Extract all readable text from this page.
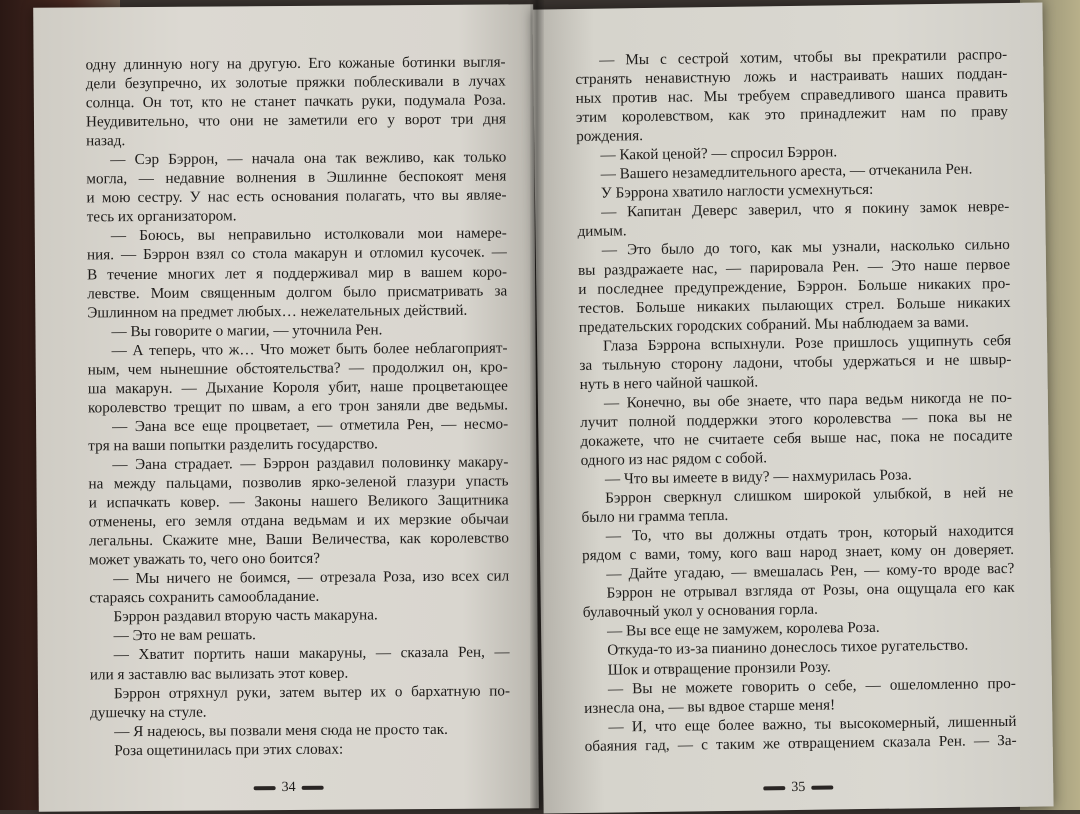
одну длинную ногу на другую. Его кожаные ботинки выгля-
дели безупречно, их золотые пряжки поблескивали в лучах
солнца. Он тот, кто не станет пачкать руки, подумала Роза.
Неудивительно, что они не заметили его у ворот три дня
назад.
— Сэр Бэррон, — начала она так вежливо, как только
могла, — недавние волнения в Эшлинне беспокоят меня
и мою сестру. У нас есть основания полагать, что вы являе-
тесь их организатором.
— Боюсь, вы неправильно истолковали мои намере-
ния. — Бэррон взял со стола макарун и отломил кусочек. —
В течение многих лет я поддерживал мир в вашем коро-
левстве. Моим священным долгом было присматривать за
Эшлинном на предмет любых… нежелательных действий.
— Вы говорите о магии, — уточнила Рен.
— А теперь, что ж… Что может быть более неблагоприят-
ным, чем нынешние обстоятельства? — продолжил он, кро-
ша макарун. — Дыхание Короля убит, наше процветающее
королевство трещит по швам, а его трон заняли две ведьмы.
— Эана все еще процветает, — отметила Рен, — несмо-
тря на ваши попытки разделить государство.
— Эана страдает. — Бэррон раздавил половинку макару-
на между пальцами, позволив ярко-зеленой глазури упасть
и испачкать ковер. — Законы нашего Великого Защитника
отменены, его земля отдана ведьмам и их мерзкие обычаи
легальны. Скажите мне, Ваши Величества, как королевство
может уважать то, чего оно боится?
— Мы ничего не боимся, — отрезала Роза, изо всех сил
стараясь сохранить самообладание.
Бэррон раздавил вторую часть макаруна.
— Это не вам решать.
— Хватит портить наши макаруны, — сказала Рен, —
или я заставлю вас вылизать этот ковер.
Бэррон отряхнул руки, затем вытер их о бархатную по-
душечку на стуле.
— Я надеюсь, вы позвали меня сюда не просто так.
Роза ощетинилась при этих словах:
34
— Мы с сестрой хотим, чтобы вы прекратили распро-
странять ненавистную ложь и настраивать наших поддан-
ных против нас. Мы требуем справедливого шанса править
этим королевством, как это принадлежит нам по праву
рождения.
— Какой ценой? — спросил Бэррон.
— Вашего незамедлительного ареста, — отчеканила Рен.
У Бэррона хватило наглости усмехнуться:
— Капитан Деверс заверил, что я покину замок невре-
димым.
— Это было до того, как мы узнали, насколько сильно
вы раздражаете нас, — парировала Рен. — Это наше первое
и последнее предупреждение, Бэррон. Больше никаких про-
тестов. Больше никаких пылающих стрел. Больше никаких
предательских городских собраний. Мы наблюдаем за вами.
Глаза Бэррона вспыхнули. Розе пришлось ущипнуть себя
за тыльную сторону ладони, чтобы удержаться и не швыр-
нуть в него чайной чашкой.
— Конечно, вы обе знаете, что пара ведьм никогда не по-
лучит полной поддержки этого королевства — пока вы не
докажете, что не считаете себя выше нас, пока не посадите
одного из нас рядом с собой.
— Что вы имеете в виду? — нахмурилась Роза.
Бэррон сверкнул слишком широкой улыбкой, в ней не
было ни грамма тепла.
— То, что вы должны отдать трон, который находится
рядом с вами, тому, кого ваш народ знает, кому он доверяет.
— Дайте угадаю, — вмешалась Рен, — кому-то вроде вас?
Бэррон не отрывал взгляда от Розы, она ощущала его как
булавочный укол у основания горла.
— Вы все еще не замужем, королева Роза.
Откуда-то из-за пианино донеслось тихое ругательство.
Шок и отвращение пронзили Розу.
— Вы не можете говорить о себе, — ошеломленно про-
изнесла она, — вы вдвое старше меня!
— И, что еще более важно, ты высокомерный, лишенный
обаяния гад, — с таким же отвращением сказала Рен. — За-
35
